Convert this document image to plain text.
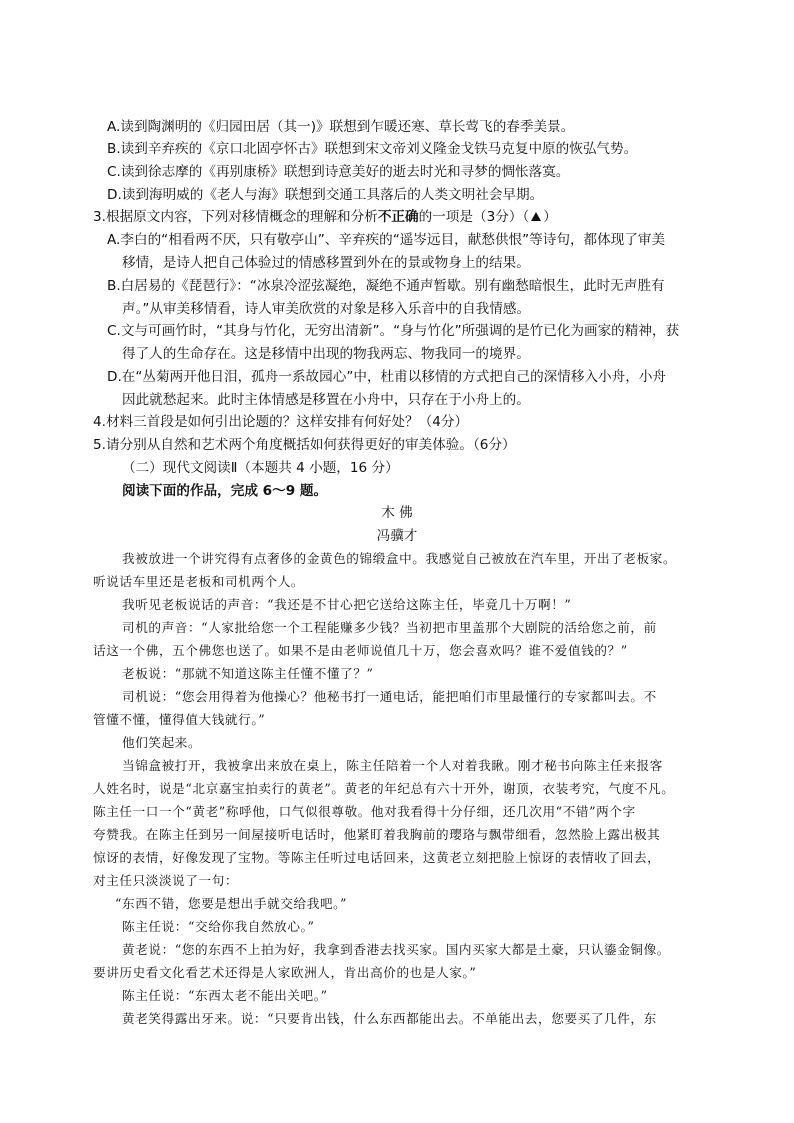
A.读到陶渊明的《归园田居（其一)》联想到乍暖还寒、草长莺飞的春季美景。
B.读到辛弃疾的《京口北固亭怀古》联想到宋文帝刘义隆金戈铁马克复中原的恢弘气势。
C.读到徐志摩的《再别康桥》联想到诗意美好的逝去时光和寻梦的惆怅落寞。
D.读到海明威的《老人与海》联想到交通工具落后的人类文明社会早期。
3.根据原文内容，下列对移情概念的理解和分析不正确的一项是（3分）（ ）
A.李白的“相看两不厌，只有敬亭山”、辛弃疾的“遥岑远目，献愁供恨”等诗句，都体现了审美
移情，是诗人把自己体验过的情感移置到外在的景或物身上的结果。
B.白居易的《琵琶行》：“冰泉冷涩弦凝绝，凝绝不通声暂歇。别有幽愁暗恨生，此时无声胜有
声。”从审美移情看，诗人审美欣赏的对象是移入乐音中的自我情感。
C.文与可画竹时，“其身与竹化，无穷出清新”。“身与竹化”所强调的是竹已化为画家的精神，获
得了人的生命存在。这是移情中出现的物我两忘、物我同一的境界。
D.在“丛菊两开他日泪，孤舟一系故园心”中，杜甫以移情的方式把自己的深情移入小舟，小舟
因此就愁起来。此时主体情感是移置在小舟中，只存在于小舟上的。
4.材料三首段是如何引出论题的？这样安排有何好处？（4分）
5.请分别从自然和艺术两个角度概括如何获得更好的审美体验。（6分）
（二）现代文阅读Ⅱ（本题共 4 小题，16 分）
阅读下面的作品，完成 6～9 题。
木 佛
冯骥才
我被放进一个讲究得有点奢侈的金黄色的锦缎盒中。我感觉自己被放在汽车里，开出了老板家。
听说话车里还是老板和司机两个人。
我听见老板说话的声音：“我还是不甘心把它送给这陈主任，毕竟几十万啊！”
司机的声音：“人家批给您一个工程能赚多少钱？当初把市里盖那个大剧院的活给您之前，前
话这一个佛，五个佛您也送了。如果不是由老师说值几十万，您会喜欢吗？谁不爱值钱的？”
老板说：“那就不知道这陈主任懂不懂了？”
司机说：“您会用得着为他操心？他秘书打一通电话，能把咱们市里最懂行的专家都叫去。不
管懂不懂，懂得值大钱就行。”
他们笑起来。
当锦盒被打开，我被拿出来放在桌上，陈主任陪着一个人对着我瞅。刚才秘书向陈主任来报客
人姓名时，说是“北京嘉宝拍卖行的黄老”。黄老的年纪总有六十开外，谢顶，衣装考究，气度不凡。
陈主任一口一个“黄老”称呼他，口气似很尊敬。他对我看得十分仔细，还几次用“不错”两个字
夸赞我。在陈主任到另一间屋接听电话时，他紧盯着我胸前的璎珞与飘带细看，忽然脸上露出极其
惊讶的表情，好像发现了宝物。等陈主任听过电话回来，这黄老立刻把脸上惊讶的表情收了回去，
对主任只淡淡说了一句：
“东西不错，您要是想出手就交给我吧。”
陈主任说：“交给你我自然放心。”
黄老说：“您的东西不上拍为好，我拿到香港去找买家。国内买家大都是土豪，只认鎏金铜像。
要讲历史看文化看艺术还得是人家欧洲人，肯出高价的也是人家。”
陈主任说：“东西太老不能出关吧。”
黄老笑得露出牙来。说：“只要肯出钱，什么东西都能出去。不单能出去，您要买了几件，东
